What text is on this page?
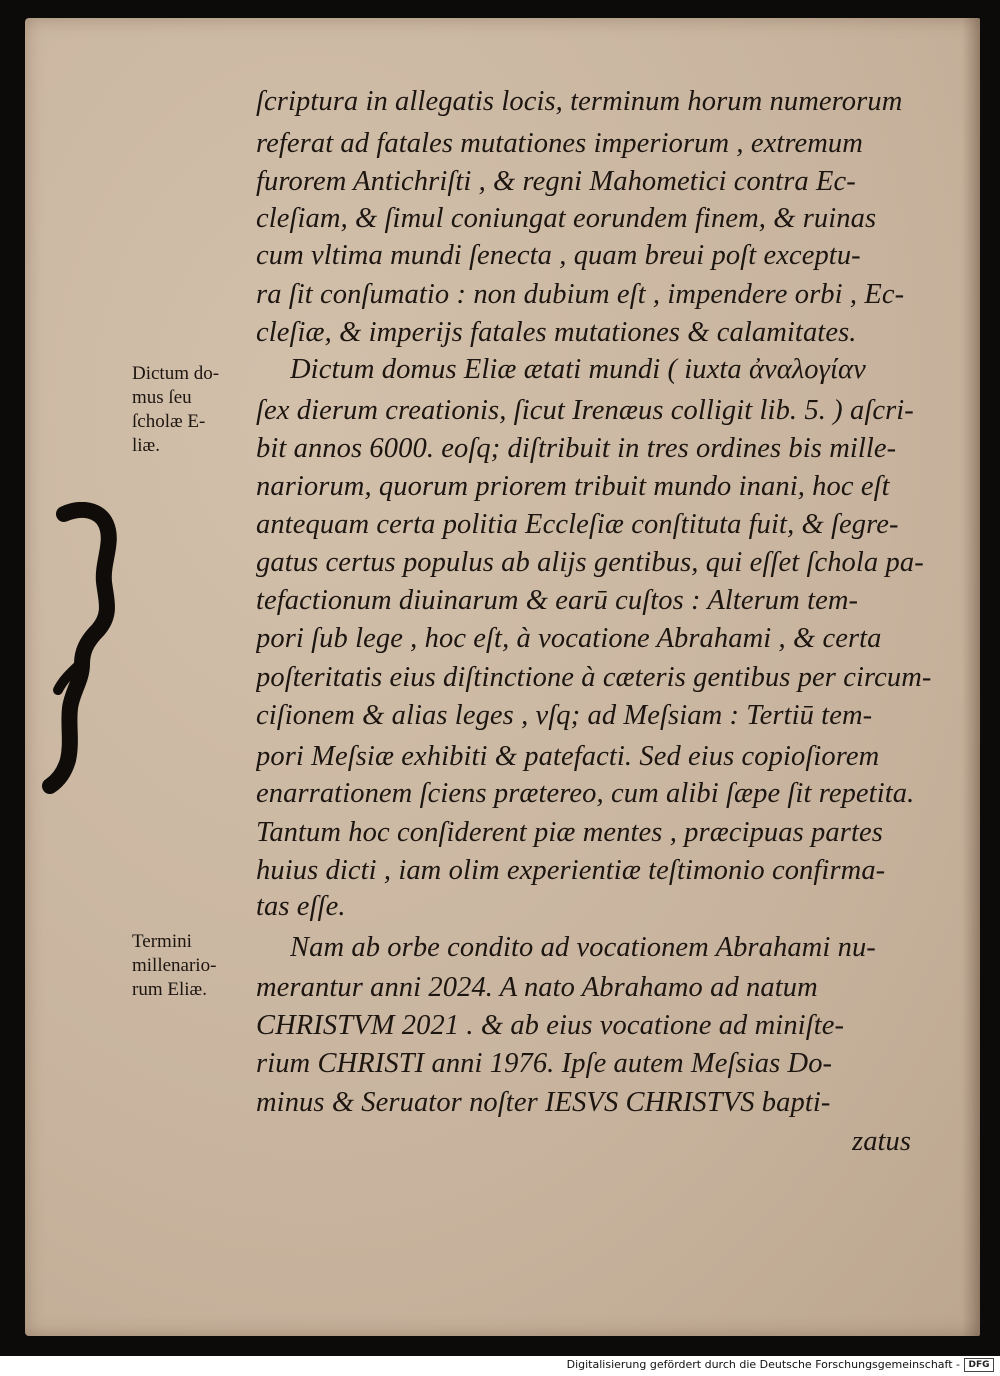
ſcriptura in allegatis locis, terminum horum numerorum
referat ad fatales mutationes imperiorum , extremum
furorem Antichriſti , & regni Mahometici contra Ec-
cleſiam, & ſimul coniungat eorundem finem, & ruinas
cum vltima mundi ſenecta , quam breui poſt exceptu-
ra ſit conſumatio : non dubium eſt , impendere orbi , Ec-
cleſiæ, & imperijs fatales mutationes & calamitates.
Dictum domus Eliæ ætati mundi ( iuxta ἀναλογίαν
ſex dierum creationis, ſicut Irenæus colligit lib. 5. ) aſcri-
bit annos 6000. eoſq; diſtribuit in tres ordines bis mille-
nariorum, quorum priorem tribuit mundo inani, hoc eſt
antequam certa politia Eccleſiæ conſtituta fuit, & ſegre-
gatus certus populus ab alijs gentibus, qui eſſet ſchola pa-
tefactionum diuinarum & earū cuſtos : Alterum tem-
pori ſub lege , hoc eſt, à vocatione Abrahami , & certa
poſteritatis eius diſtinctione à cæteris gentibus per circum-
ciſionem & alias leges , vſq; ad Meſsiam : Tertiū tem-
pori Meſsiæ exhibiti & patefacti. Sed eius copioſiorem
enarrationem ſciens prætereo, cum alibi ſæpe ſit repetita.
Tantum hoc conſiderent piæ mentes , præcipuas partes
huius dicti , iam olim experientiæ teſtimonio confirma-
tas eſſe.
Nam ab orbe condito ad vocationem Abrahami nu-
merantur anni 2024. A nato Abrahamo ad natum
CHRISTVM 2021 . & ab eius vocatione ad miniſte-
rium CHRISTI anni 1976. Ipſe autem Meſsias Do-
minus & Seruator noſter IESVS CHRISTVS bapti-
zatus
Dictum do-
mus ſeu
ſcholæ E-
liæ.
Termini
millenario-
rum Eliæ.
Digitalisierung gefördert durch die Deutsche Forschungsgemeinschaft - DFG
